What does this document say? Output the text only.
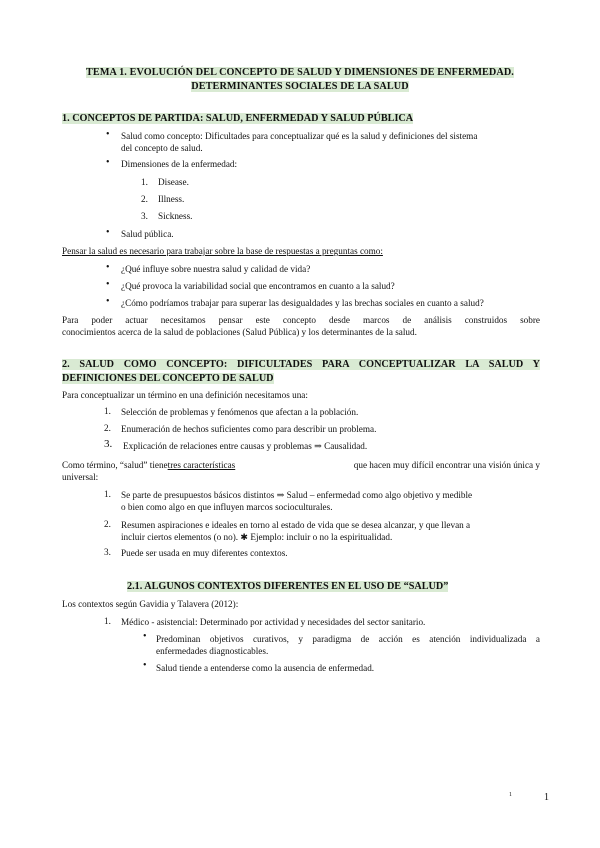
TEMA 1. EVOLUCIÓN DEL CONCEPTO DE SALUD Y DIMENSIONES DE ENFERMEDAD.
DETERMINANTES SOCIALES DE LA SALUD
1. CONCEPTOS DE PARTIDA: SALUD, ENFERMEDAD Y SALUD PÚBLICA
• Salud como concepto: Dificultades para conceptualizar qué es la salud y definiciones del sistema
del concepto de salud.
• Dimensiones de la enfermedad:
1. Disease.
2. Illness.
3. Sickness.
• Salud pública.
Pensar la salud es necesario para trabajar sobre la base de respuestas a preguntas como:
• ¿Qué influye sobre nuestra salud y calidad de vida?
• ¿Qué provoca la variabilidad social que encontramos en cuanto a la salud?
• ¿Cómo podríamos trabajar para superar las desigualdades y las brechas sociales en cuanto a salud?
Para poder actuar necesitamos pensar este concepto desde marcos de análisis construidos sobre
conocimientos acerca de la salud de poblaciones (Salud Pública) y los determinantes de la salud.
2. SALUD COMO CONCEPTO: DIFICULTADES PARA CONCEPTUALIZAR LA SALUD Y
DEFINICIONES DEL CONCEPTO DE SALUD
Para conceptualizar un término en una definición necesitamos una:
1. Selección de problemas y fenómenos que afectan a la población.
2. Enumeración de hechos suficientes como para describir un problema.
3. Explicación de relaciones entre causas y problemas ⇒ Causalidad.
Como término, “salud” tiene tres características	que hacen muy difícil encontrar una visión única y
universal:
1. Se parte de presupuestos básicos distintos ⇒ Salud – enfermedad como algo objetivo y medible
o bien como algo en que influyen marcos socioculturales.
2. Resumen aspiraciones e ideales en torno al estado de vida que se desea alcanzar, y que llevan a
incluir ciertos elementos (o no). ✱ Ejemplo: incluir o no la espiritualidad.
3. Puede ser usada en muy diferentes contextos.
2.1. ALGUNOS CONTEXTOS DIFERENTES EN EL USO DE “SALUD”
Los contextos según Gavidia y Talavera (2012):
1. Médico - asistencial: Determinado por actividad y necesidades del sector sanitario.
• Predominan objetivos curativos, y paradigma de acción es atención individualizada a
enfermedades diagnosticables.
• Salud tiende a entenderse como la ausencia de enfermedad.
1	1
